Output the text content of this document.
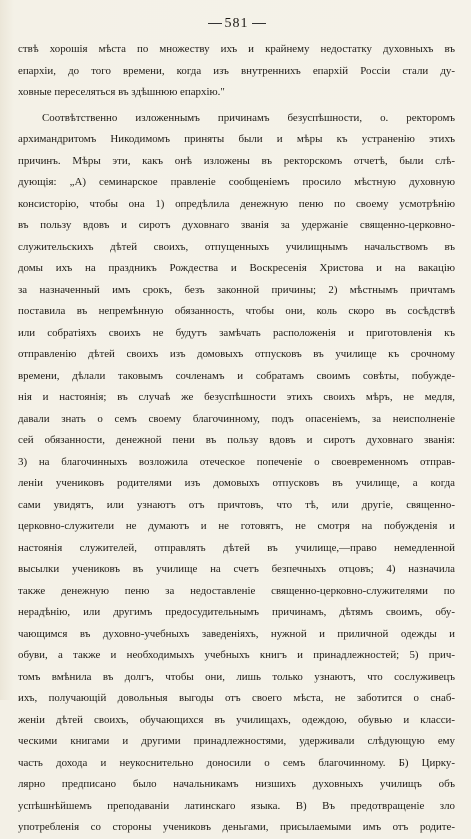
581

ствѣ хорошія мѣста по множеству ихъ и крайнему недостатку духовныхъ въ

епархіи, до того времени, когда изъ внутреннихъ епархій Россіи стали ду-

ховные переселяться въ здѣшнюю епархію."

Соотвѣтственно изложеннымъ причинамъ безуспѣшности, о. ректоромъ

архимандритомъ Никодимомъ приняты были и мѣры къ устраненію этихъ

причинъ. Мѣры эти, какъ онѣ изложены въ ректорскомъ отчетѣ, были слѣ-

дующія: „А) семинарское правленіе сообщеніемъ просило мѣстную духовную

консисторію, чтобы она 1) опредѣлила денежную пеню по своему усмотрѣнію

въ пользу вдовъ и сиротъ духовнаго званія за удержаніе священно-церковно-

служительскихъ дѣтей своихъ, отпущенныхъ училищнымъ начальствомъ въ

домы ихъ на праздникъ Рождества и Воскресенія Христова и на вакацію

за назначенный имъ срокъ, безъ законной причины; 2) мѣстнымъ причтамъ

поставила въ непремѣнную обязанность, чтобы они, коль скоро въ сосѣдствѣ

или собратіяхъ своихъ не будутъ замѣчать расположенія и приготовленія къ

отправленію дѣтей своихъ изъ домовыхъ отпусковъ въ училище къ срочному

времени, дѣлали таковымъ сочленамъ и собратамъ своимъ совѣты, побужде-

нія и настоянія; въ случаѣ же безуспѣшности этихъ своихъ мѣръ, не медля,

давали знать о семъ своему благочинному, подъ опасеніемъ, за неисполненіе

сей обязанности, денежной пени въ пользу вдовъ и сиротъ духовнаго званія:

3) на благочинныхъ возложила отеческое попеченіе о своевременномъ отправ-

леніи учениковъ родителями изъ домовыхъ отпусковъ въ училище, а когда

сами увидятъ, или узнаютъ отъ причтовъ, что тѣ, или другіе, священно-

церковно-служители не думаютъ и не готовятъ, не смотря на побужденія и

настоянія служителей, отправлять дѣтей въ училище,—право немедленной

высылки учениковъ въ училище на счетъ безпечныхъ отцовъ; 4) назначила

также денежную пеню за недоставленіе священно-церковно-служителями по

нерадѣнію, или другимъ предосудительнымъ причинамъ, дѣтямъ своимъ, обу-

чающимся въ духовно-учебныхъ заведеніяхъ, нужной и приличной одежды и

обуви, а также и необходимыхъ учебныхъ книгъ и принадлежностей; 5) прич-

томъ вмѣнила въ долгъ, чтобы они, лишь только узнаютъ, что сослуживецъ

ихъ, получающій довольныя выгоды отъ своего мѣста, не заботится о снаб-

женіи дѣтей своихъ, обучающихся въ училищахъ, одеждою, обувью и класси-

ческими книгами и другими принадлежностями, удерживали слѣдующую ему

часть дохода и неукоснительно доносили о семъ благочинному. Б) Цирку-

лярно предписано было начальникамъ низшихъ духовныхъ училищъ объ

успѣшнѣйшемъ преподаваніи латинскаго языка. В) Въ предотвращеніе зло

употребленія со стороны учениковъ деньгами, присылаемыми имъ отъ родите-
